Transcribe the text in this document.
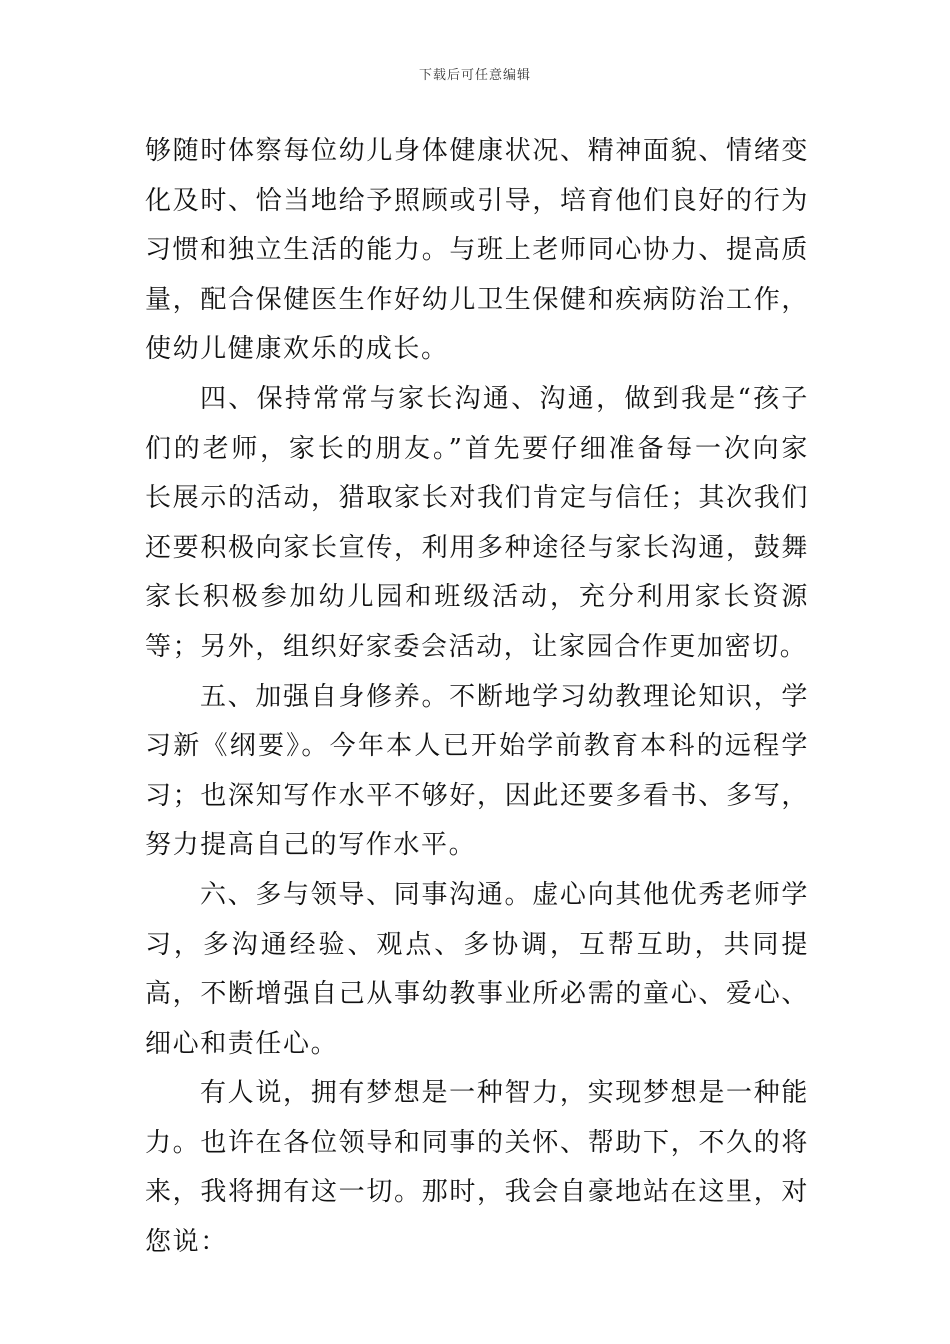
下载后可任意编辑

够随时体察每位幼儿身体健康状况、精神面貌、情绪变化及时、恰当地给予照顾或引导，培育他们良好的行为习惯和独立生活的能力。与班上老师同心协力、提高质量，配合保健医生作好幼儿卫生保健和疾病防治工作，使幼儿健康欢乐的成长。

四、保持常常与家长沟通、沟通，做到我是“孩子们的老师，家长的朋友。”首先要仔细准备每一次向家长展示的活动，猎取家长对我们肯定与信任；其次我们还要积极向家长宣传，利用多种途径与家长沟通，鼓舞家长积极参加幼儿园和班级活动，充分利用家长资源等；另外，组织好家委会活动，让家园合作更加密切。

五、加强自身修养。不断地学习幼教理论知识，学习新《纲要》。今年本人已开始学前教育本科的远程学习；也深知写作水平不够好，因此还要多看书、多写，努力提高自己的写作水平。

六、多与领导、同事沟通。虚心向其他优秀老师学习，多沟通经验、观点、多协调，互帮互助，共同提高，不断增强自己从事幼教事业所必需的童心、爱心、细心和责任心。

有人说，拥有梦想是一种智力，实现梦想是一种能力。也许在各位领导和同事的关怀、帮助下，不久的将来，我将拥有这一切。那时，我会自豪地站在这里，对您说：
